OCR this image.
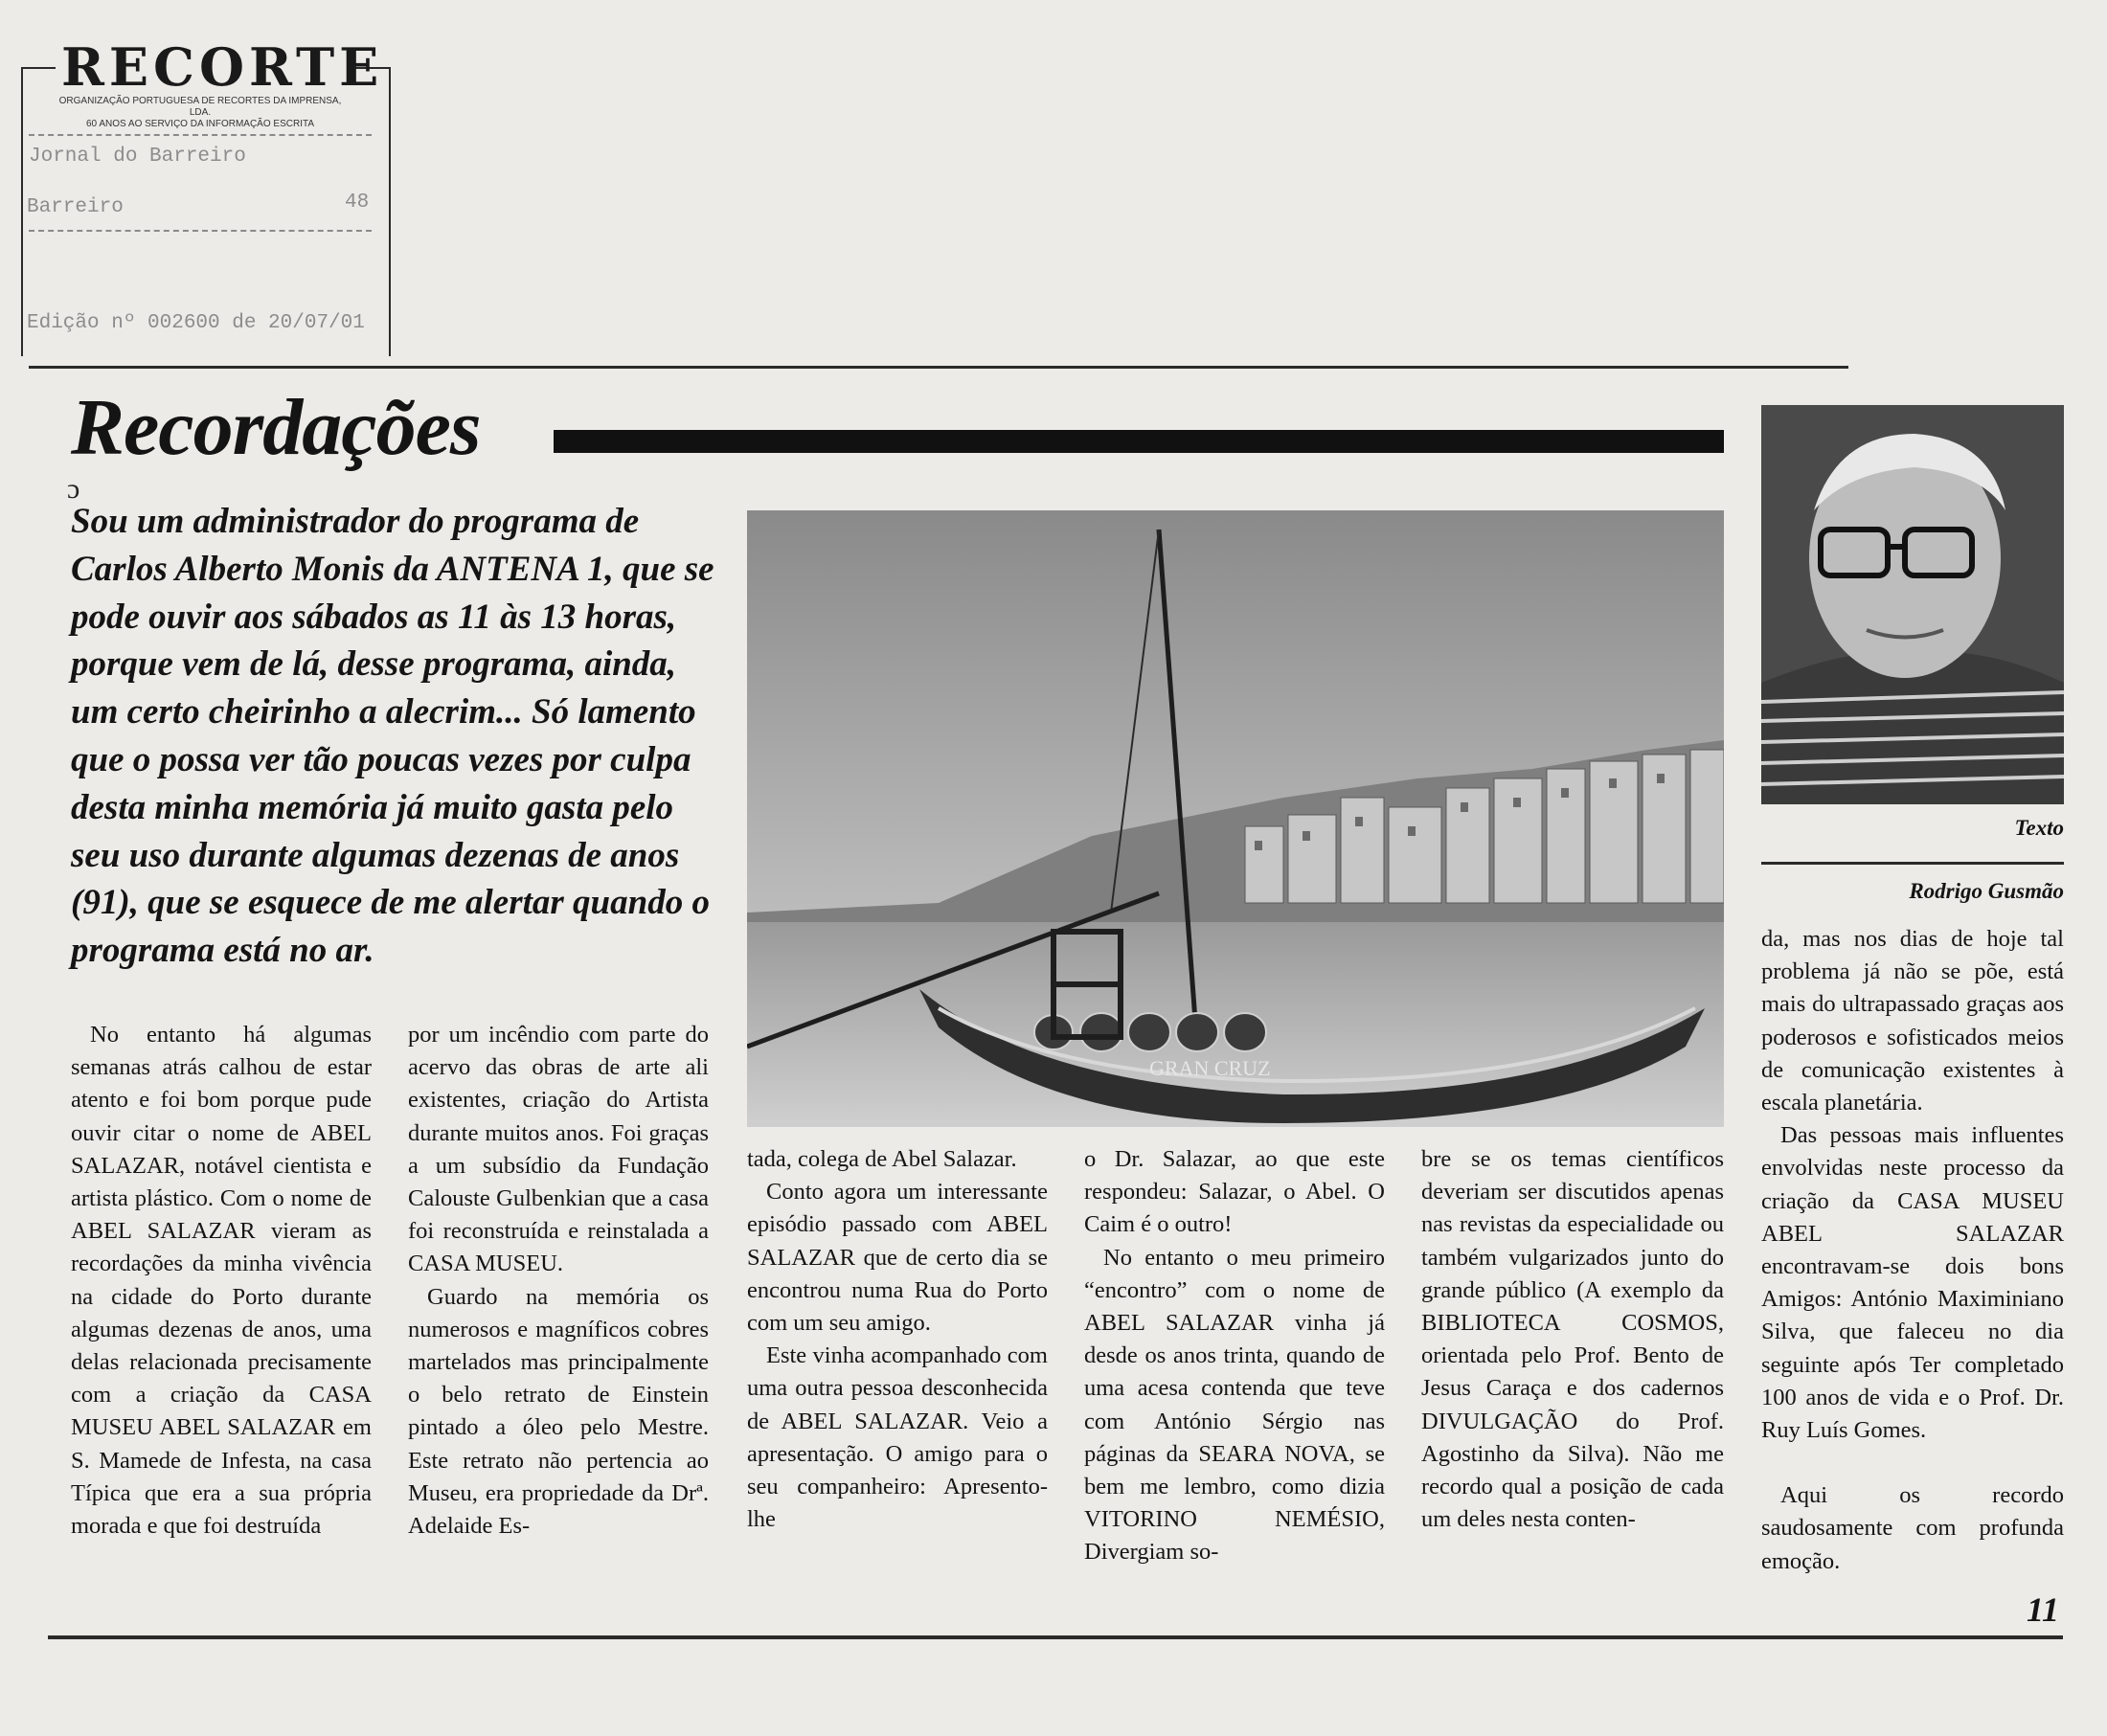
RECORTE
ORGANIZAÇÃO PORTUGUESA DE RECORTES DA IMPRENSA, LDA.
60 ANOS AO SERVIÇO DA INFORMAÇÃO ESCRITA
Jornal do Barreiro
Barreiro	48
Edição nº 002600 de 20/07/01
Recordações
ɔ
Sou um administrador do programa de Carlos Alberto Monis da ANTENA 1, que se pode ouvir aos sábados as 11 às 13 horas, porque vem de lá, desse programa, ainda, um certo cheirinho a alecrim... Só lamento que o possa ver tão poucas vezes por culpa desta minha memória já muito gasta pelo seu uso durante algumas dezenas de anos (91), que se esquece de me alertar quando o programa está no ar.
GRAN CRUZ
Texto
Rodrigo Gusmão

No entanto há algumas semanas atrás calhou de estar atento e foi bom porque pude ouvir citar o nome de ABEL SALAZAR, notável cientista e artista plástico. Com o nome de ABEL SALAZAR vieram as recordações da minha vivência na cidade do Porto durante algumas dezenas de anos, uma delas relacionada precisamente com a criação da CASA MUSEU ABEL SALAZAR em S. Mamede de Infesta, na casa Típica que era a sua própria morada e que foi destruída

por um incêndio com parte do acervo das obras de arte ali existentes, criação do Artista durante muitos anos. Foi graças a um subsídio da Fundação Calouste Gulbenkian que a casa foi reconstruída e reinstalada a CASA MUSEU.

Guardo na memória os numerosos e magníficos cobres martelados mas principalmente o belo retrato de Einstein pintado a óleo pelo Mestre. Este retrato não pertencia ao Museu, era propriedade da Drª. Adelaide Es-

tada, colega de Abel Salazar.

Conto agora um interessante episódio passado com ABEL SALAZAR que de certo dia se encontrou numa Rua do Porto com um seu amigo.

Este vinha acompanhado com uma outra pessoa desconhecida de ABEL SALAZAR. Veio a apresentação. O amigo para o seu companheiro: Apresento-lhe

o Dr. Salazar, ao que este respondeu: Salazar, o Abel. O Caim é o outro!

No entanto o meu primeiro “encontro” com o nome de ABEL SALAZAR vinha já desde os anos trinta, quando de uma acesa contenda que teve com António Sérgio nas páginas da SEARA NOVA, se bem me lembro, como dizia VITORINO NEMÉSIO, Divergiam so-

bre se os temas científicos deveriam ser discutidos apenas nas revistas da especialidade ou também vulgarizados junto do grande público (A exemplo da BIBLIOTECA COSMOS, orientada pelo Prof. Bento de Jesus Caraça e dos cadernos DIVULGAÇÃO do Prof. Agostinho da Silva). Não me recordo qual a posição de cada um deles nesta conten-

da, mas nos dias de hoje tal problema já não se põe, está mais do ultrapassado graças aos poderosos e sofisticados meios de comunicação existentes à escala planetária.

Das pessoas mais influentes envolvidas neste processo da criação da CASA MUSEU ABEL SALAZAR encontravam-se dois bons Amigos: António Maximiniano Silva, que faleceu no dia seguinte após Ter completado 100 anos de vida e o Prof. Dr. Ruy Luís Gomes.

Aqui os recordo saudosamente com profunda emoção.

11
